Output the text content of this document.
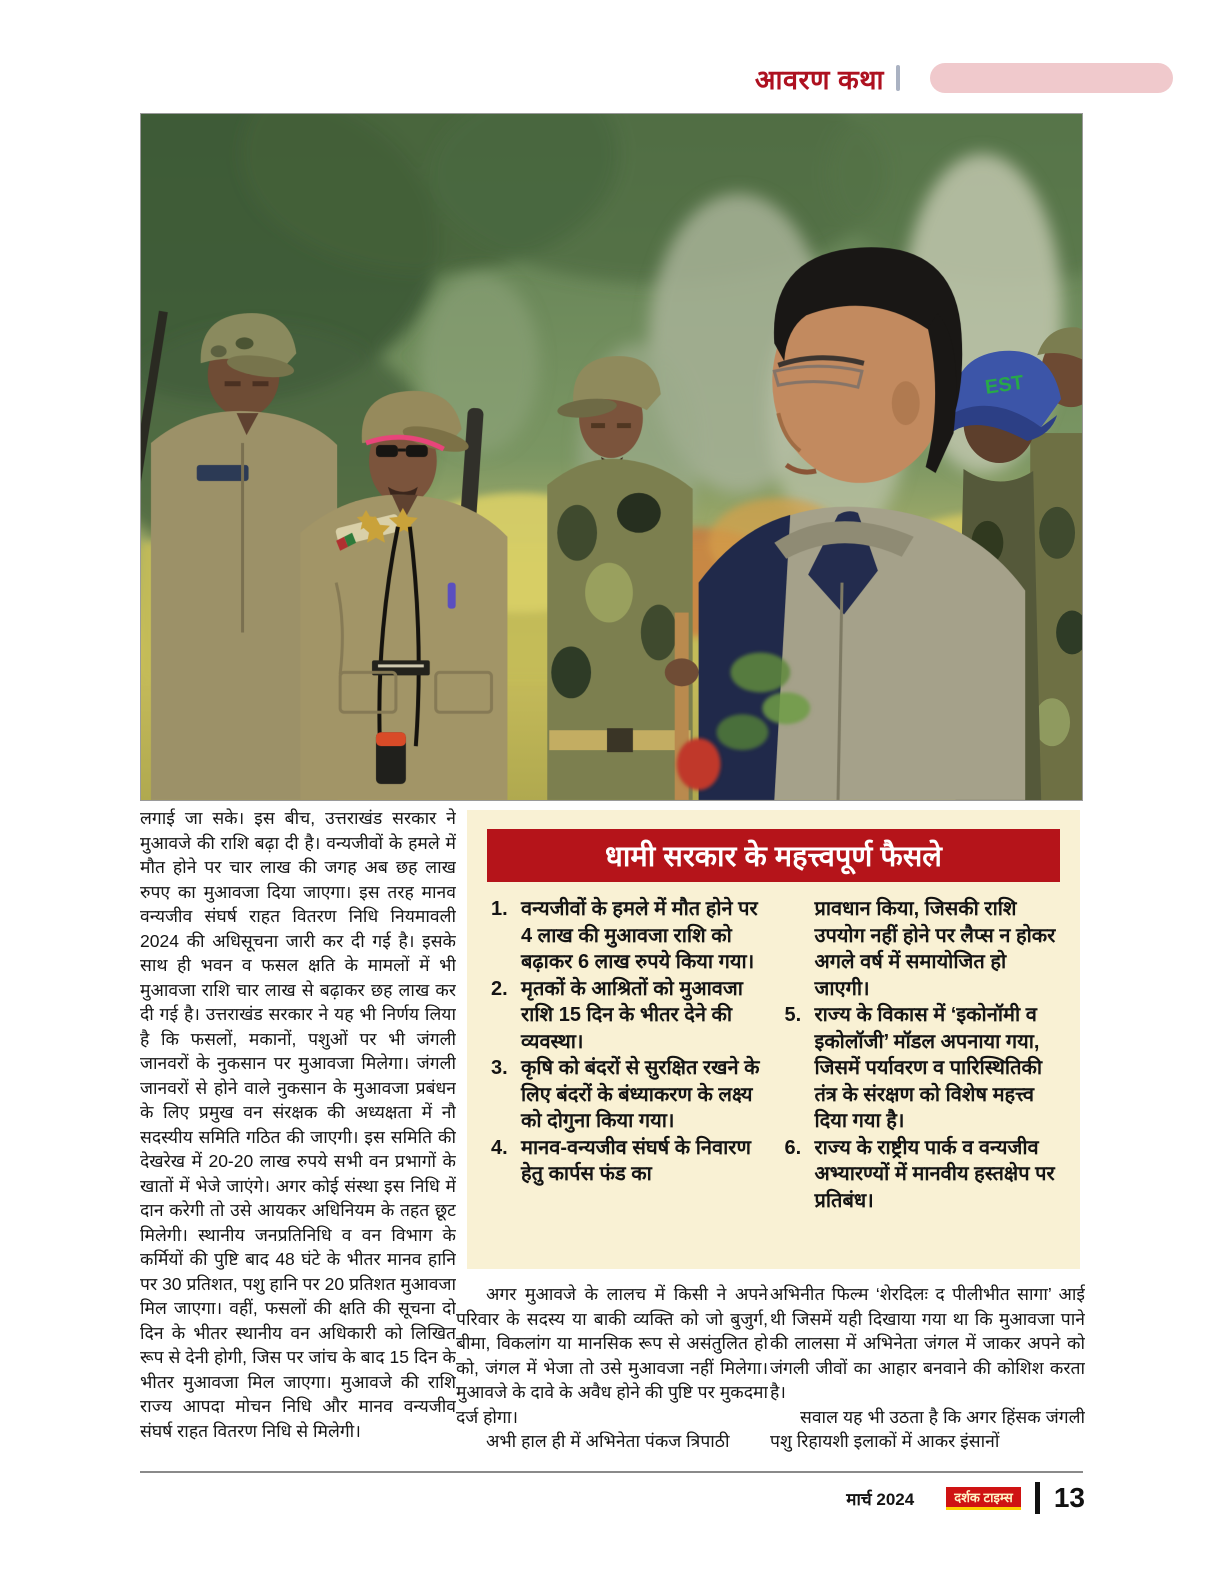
आवरण कथा
EST

लगाई जा सके। इस बीच, उत्तराखंड सरकार ने मुआवजे की राशि बढ़ा दी है। वन्यजीवों के हमले में मौत होने पर चार लाख की जगह अब छह लाख रुपए का मुआवजा दिया जाएगा। इस तरह मानव वन्यजीव संघर्ष राहत वितरण निधि नियमावली 2024 की अधिसूचना जारी कर दी गई है। इसके साथ ही भवन व फसल क्षति के मामलों में भी मुआवजा राशि चार लाख से बढ़ाकर छह लाख कर दी गई है। उत्तराखंड सरकार ने यह भी निर्णय लिया है कि फसलों, मकानों, पशुओं पर भी जंगली जानवरों के नुकसान पर मुआवजा मिलेगा। जंगली जानवरों से होने वाले नुकसान के मुआवजा प्रबंधन के लिए प्रमुख वन संरक्षक की अध्यक्षता में नौ सदस्यीय समिति गठित की जाएगी। इस समिति की देखरेख में 20-20 लाख रुपये सभी वन प्रभागों के खातों में भेजे जाएंगे। अगर कोई संस्था इस निधि में दान करेगी तो उसे आयकर अधिनियम के तहत छूट मिलेगी। स्थानीय जनप्रतिनिधि व वन विभाग के कर्मियों की पुष्टि बाद 48 घंटे के भीतर मानव हानि पर 30 प्रतिशत, पशु हानि पर 20 प्रतिशत मुआवजा मिल जाएगा। वहीं, फसलों की क्षति की सूचना दो दिन के भीतर स्थानीय वन अधिकारी को लिखित रूप से देनी होगी, जिस पर जांच के बाद 15 दिन के भीतर मुआवजा मिल जाएगा। मुआवजे की राशि राज्य आपदा मोचन निधि और मानव वन्यजीव संघर्ष राहत वितरण निधि से मिलेगी।

धामी सरकार के महत्त्वपूर्ण फैसले
1. वन्यजीवों के हमले में मौत होने पर 4 लाख की मुआवजा राशि को बढ़ाकर 6 लाख रुपये किया गया।
2. मृतकों के आश्रितों को मुआवजा राशि 15 दिन के भीतर देने की व्यवस्था।
3. कृषि को बंदरों से सुरक्षित रखने के लिए बंदरों के बंध्याकरण के लक्ष्य को दोगुना किया गया।
4. मानव-वन्यजीव संघर्ष के निवारण हेतु कार्पस फंड का
प्रावधान किया, जिसकी राशि उपयोग नहीं होने पर लैप्स न होकर अगले वर्ष में समायोजित हो जाएगी।
5. राज्य के विकास में ‘इकोनॉमी व इकोलॉजी’ मॉडल अपनाया गया, जिसमें पर्यावरण व पारिस्थितिकी तंत्र के संरक्षण को विशेष महत्त्व दिया गया है।
6. राज्य के राष्ट्रीय पार्क व वन्यजीव अभ्यारण्यों में मानवीय हस्तक्षेप पर प्रतिबंध।

अगर मुआवजे के लालच में किसी ने अपने परिवार के सदस्य या बाकी व्यक्ति को जो बुजुर्ग, बीमा, विकलांग या मानसिक रूप से असंतुलित हो को, जंगल में भेजा तो उसे मुआवजा नहीं मिलेगा। मुआवजे के दावे के अवैध होने की पुष्टि पर मुकदमा दर्ज होगा।

अभी हाल ही में अभिनेता पंकज त्रिपाठी

अभिनीत फिल्म ‘शेरदिलः द पीलीभीत सागा’ आई थी जिसमें यही दिखाया गया था कि मुआवजा पाने की लालसा में अभिनेता जंगल में जाकर अपने को जंगली जीवों का आहार बनवाने की कोशिश करता है।

सवाल यह भी उठता है कि अगर हिंसक जंगली पशु रिहायशी इलाकों में आकर इंसानों

मार्च 2024	दर्शक टाइम्स 13
